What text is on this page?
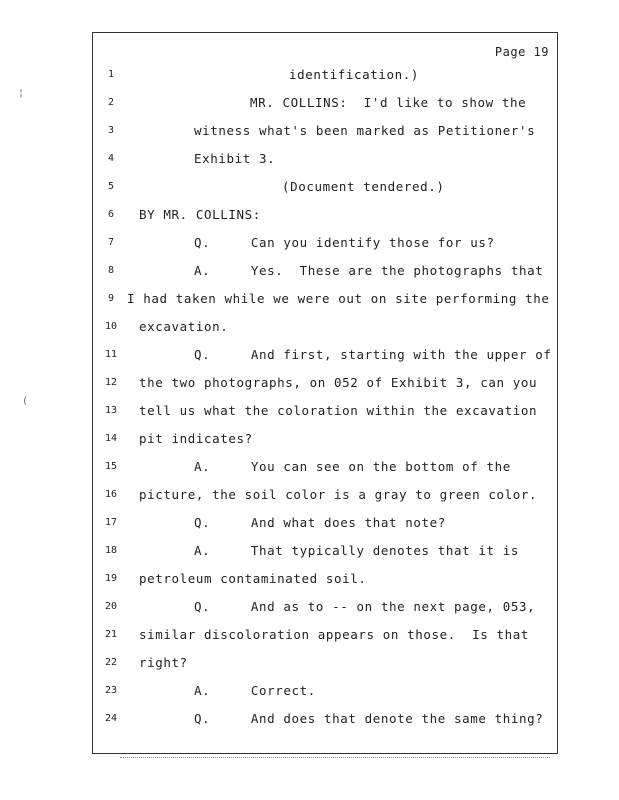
Page 19
1	identification.)
2	MR. COLLINS:  I'd like to show the
3	witness what's been marked as Petitioner's
4	Exhibit 3.
5	(Document tendered.)
6	BY MR. COLLINS:
7	Q.     Can you identify those for us?
8	A.     Yes.  These are the photographs that
9	I had taken while we were out on site performing the
10	excavation.
11	Q.     And first, starting with the upper of
12	the two photographs, on 052 of Exhibit 3, can you
13	tell us what the coloration within the excavation
14	pit indicates?
15	A.     You can see on the bottom of the
16	picture, the soil color is a gray to green color.
17	Q.     And what does that note?
18	A.     That typically denotes that it is
19	petroleum contaminated soil.
20	Q.     And as to -- on the next page, 053,
21	similar discoloration appears on those.  Is that
22	right?
23	A.     Correct.
24	Q.     And does that denote the same thing?
¦
(
